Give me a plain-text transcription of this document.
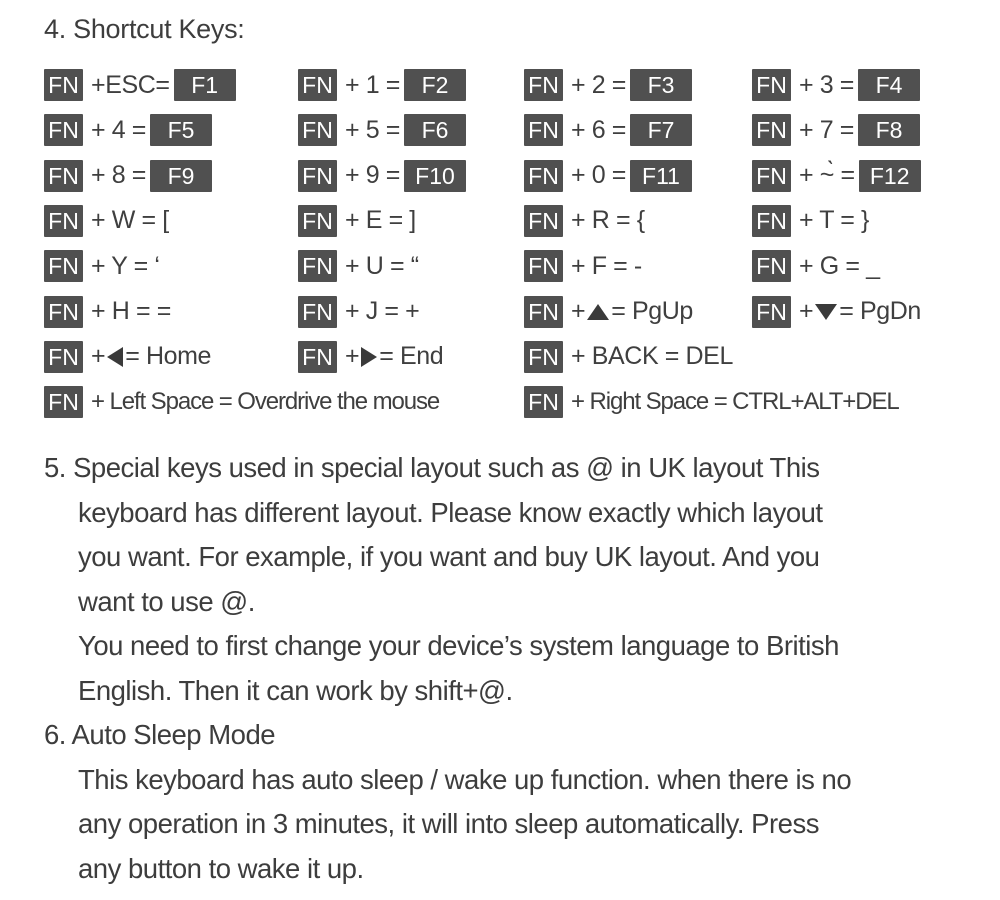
4. Shortcut Keys:
FN +ESC= F1	FN + 1 = F2	FN + 2 = F3	FN + 3 = F4
FN + 4 = F5	FN + 5 = F6	FN + 6 = F7	FN + 7 = F8
FN + 8 = F9	FN + 9 = F10	FN + 0 = F11	FN + ~̀ = F12
FN + W = [	FN + E = ]	FN + R = {	FN + T = }
FN + Y = ‘	FN + U = “	FN + F = -	FN + G = _
FN + H = =	FN + J = +	FN + = PgUp	FN + = PgDn
FN + = Home	FN + = End	FN + BACK = DEL
FN + Left Space = Overdrive the mouse	FN + Right Space = CTRL+ALT+DEL
5. Special keys used in special layout such as @ in UK layout This
keyboard has different layout. Please know exactly which layout
you want. For example, if you want and buy UK layout. And you
want to use @.
You need to first change your device’s system language to British
English. Then it can work by shift+@.
6. Auto Sleep Mode
This keyboard has auto sleep / wake up function. when there is no
any operation in 3 minutes, it will into sleep automatically. Press
any button to wake it up.
